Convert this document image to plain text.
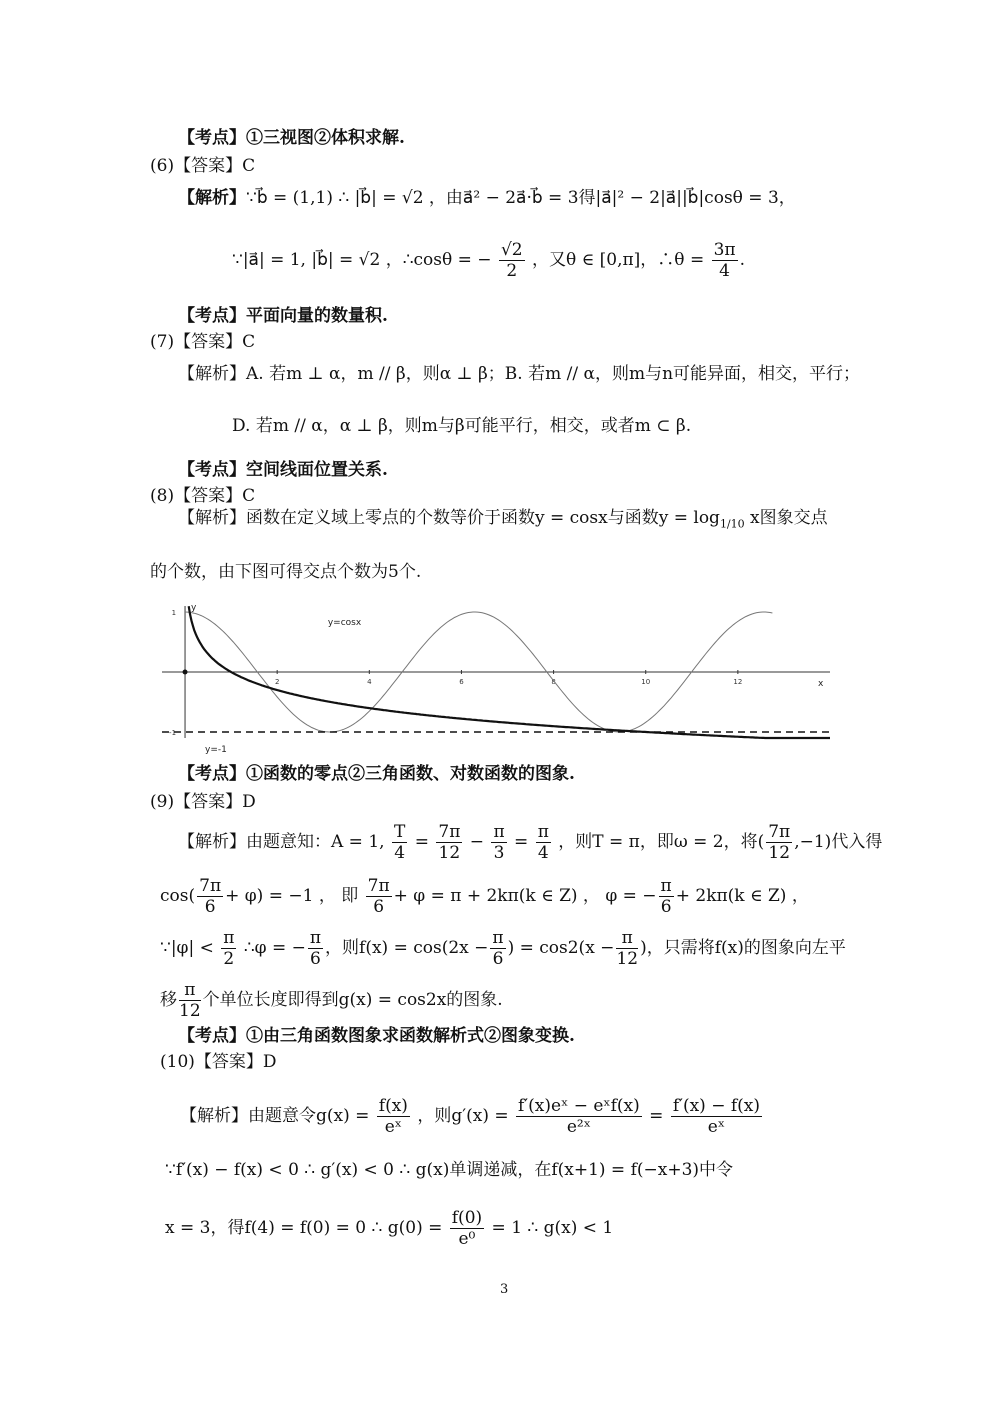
【考点】①三视图②体积求解.
(6)【答案】C
【解析】∵b⃗ = (1,1) ∴ |b⃗| = √2 ，由a⃗² − 2a⃗·b⃗ = 3得|a⃗|² − 2|a⃗||b⃗|cosθ = 3，
∵|a⃗| = 1, |b⃗| = √2 ，∴cosθ = − $\frac{√2}{2}$ ，又θ ∈ [0,π]，∴θ = $\frac{3\pi}{4}$ .
【考点】平面向量的数量积.
(7)【答案】C
【解析】A. 若m ⊥ α，m // β，则α ⊥ β；B. 若m // α，则m与n可能异面，相交，平行；
D. 若m // α，α ⊥ β，则m与β可能平行，相交，或者m ⊂ β.
【考点】空间线面位置关系.
(8)【答案】C
【解析】函数在定义域上零点的个数等价于函数y = cosx与函数$y = \log_{1/10} x$图象交点
的个数，由下图可得交点个数为5个.
2	4	6	8	10	12
1
-1
x
y
y=cosx
y=-1
【考点】①函数的零点②三角函数、对数函数的图象.
(9)【答案】D
【解析】由题意知：A = 1, $\frac{T}{4} = \frac{7\pi}{12} - \frac{\pi}{3} = \frac{\pi}{4}$ ，则T = π，即ω = 2，将( $\frac{7\pi}{12} ,-1$)代入得
$\cos( \frac{7\pi}{6} + \varphi) = -1$ ， 即 $\frac{7\pi}{6} + \varphi = \pi + 2k\pi(k$ ∈ Z) ， φ = − $\frac{\pi}{6} + 2k\pi(k$ ∈ Z) ，
∵|φ| < $\frac{\pi}{2}$ ∴φ = − $\frac{\pi}{6}$ ，则$f(x) = \cos(2x - \frac{\pi}{6}$ ) = $\cos 2(x - \frac{\pi}{12}$ )，只需将f(x)的图象向左平
移 $\frac{\pi}{12}$ 个单位长度即得到g(x) = cos2x的图象.
【考点】①由三角函数图象求函数解析式②图象变换.
(10)【答案】D
【解析】由题意令$g(x) = \frac{f(x)}{\text{eˣ}}$ ，则$g'(x) = \frac{\text{f′(x)eˣ − eˣf(x)}}{\text{e²ˣ}} = \frac{f'(x) - f(x)}{\text{eˣ}}$
∵f′(x) − f(x) < 0 ∴ g′(x) < 0 ∴ g(x)单调递减，在f(x+1) = f(−x+3)中令
x = 3，得f(4) = f(0) = 0 ∴ $g(0) = \frac{f(0)}{\text{e⁰}} = 1$ ∴ g(x) < 1
3
